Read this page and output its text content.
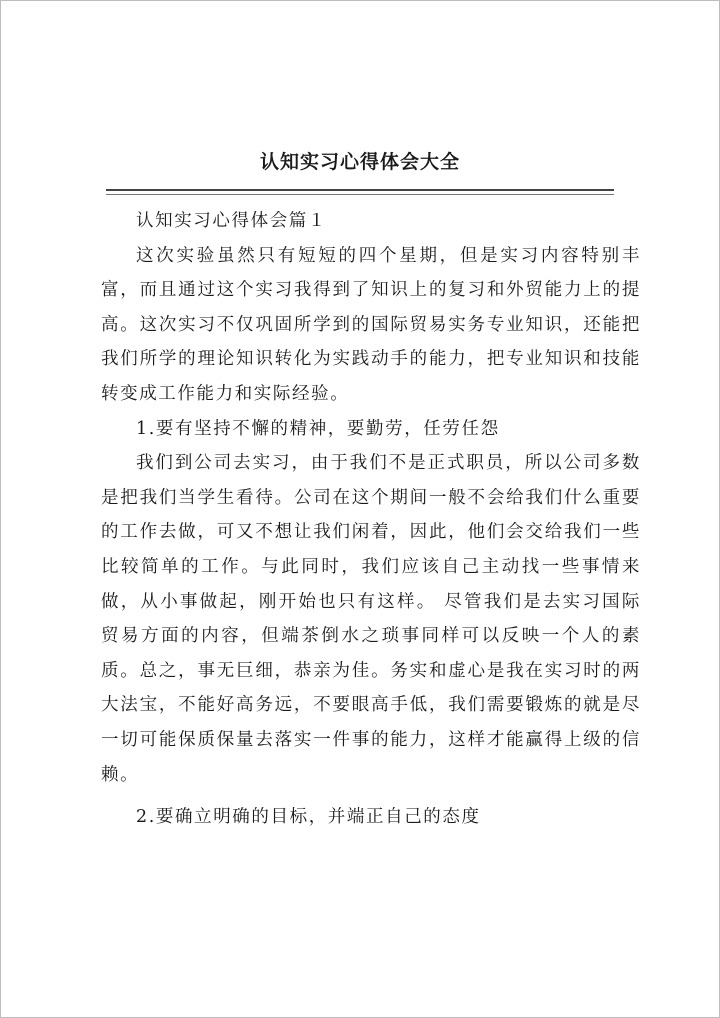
认知实习心得体会大全

认知实习心得体会篇１

这次实验虽然只有短短的四个星期，但是实习内容特别丰富，而且通过这个实习我得到了知识上的复习和外贸能力上的提高。这次实习不仅巩固所学到的国际贸易实务专业知识，还能把我们所学的理论知识转化为实践动手的能力，把专业知识和技能转变成工作能力和实际经验。

1.要有坚持不懈的精神，要勤劳，任劳任怨

我们到公司去实习，由于我们不是正式职员，所以公司多数是把我们当学生看待。公司在这个期间一般不会给我们什么重要的工作去做，可又不想让我们闲着，因此，他们会交给我们一些比较简单的工作。与此同时，我们应该自己主动找一些事情来做，从小事做起，刚开始也只有这样。 尽管我们是去实习国际贸易方面的内容，但端茶倒水之琐事同样可以反映一个人的素质。总之，事无巨细，恭亲为佳。务实和虚心是我在实习时的两大法宝，不能好高务远，不要眼高手低，我们需要锻炼的就是尽一切可能保质保量去落实一件事的能力，这样才能赢得上级的信赖。

2.要确立明确的目标，并端正自己的态度
